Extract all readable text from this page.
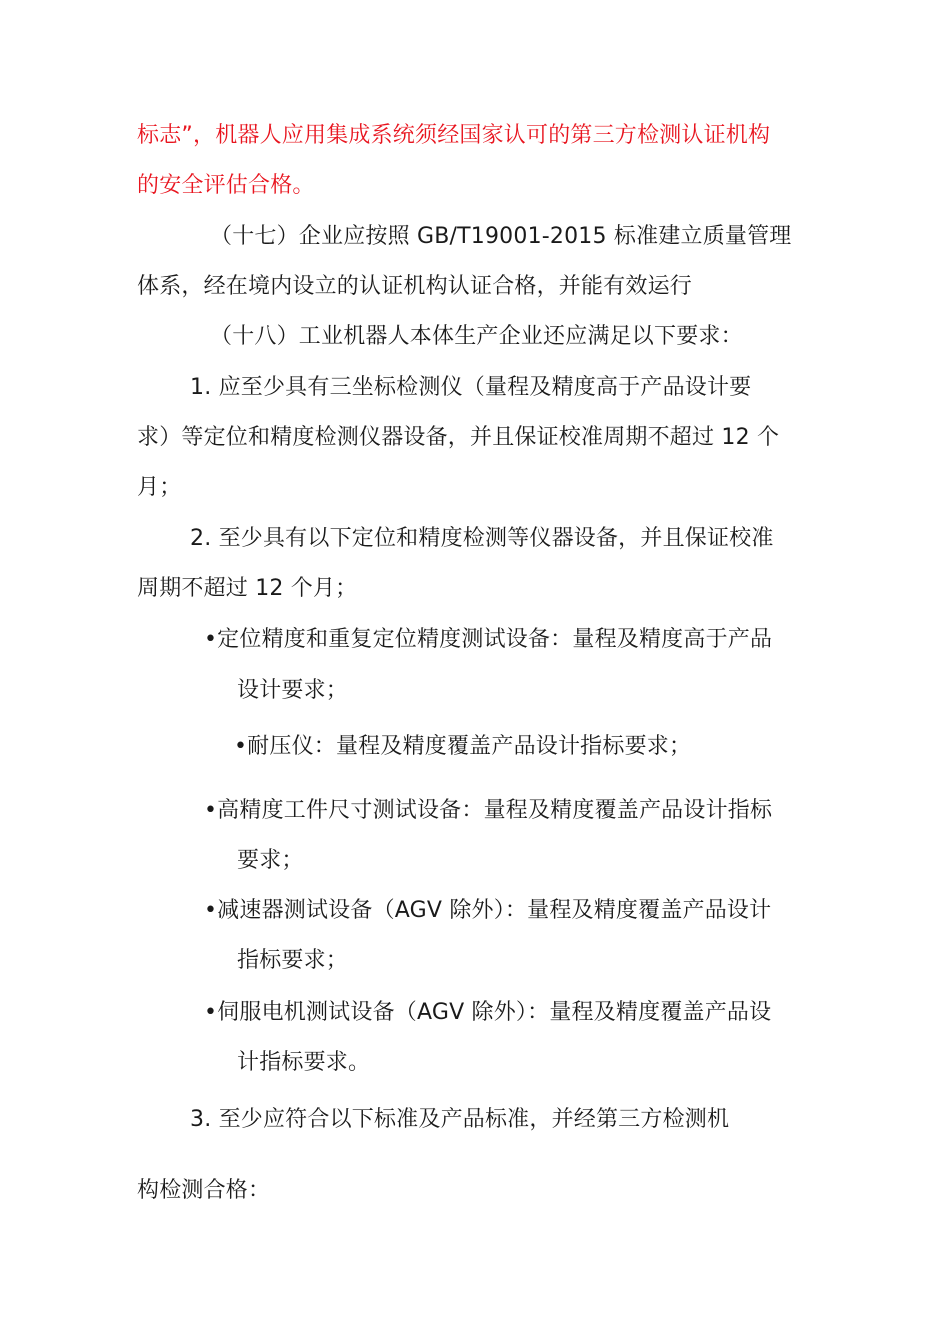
标志”，机器人应用集成系统须经国家认可的第三方检测认证机构
的安全评估合格。
（十七）企业应按照 GB/T19001-2015 标准建立质量管理
体系，经在境内设立的认证机构认证合格，并能有效运行
（十八）工业机器人本体生产企业还应满足以下要求：
1. 应至少具有三坐标检测仪（量程及精度高于产品设计要
求）等定位和精度检测仪器设备，并且保证校准周期不超过 12 个
月；
2. 至少具有以下定位和精度检测等仪器设备，并且保证校准
周期不超过 12 个月；
•定位精度和重复定位精度测试设备：量程及精度高于产品
设计要求；
•耐压仪：量程及精度覆盖产品设计指标要求；
•高精度工件尺寸测试设备：量程及精度覆盖产品设计指标
要求；
•减速器测试设备（AGV 除外）：量程及精度覆盖产品设计
指标要求；
•伺服电机测试设备（AGV 除外）：量程及精度覆盖产品设
计指标要求。
3. 至少应符合以下标准及产品标准，并经第三方检测机
构检测合格：
